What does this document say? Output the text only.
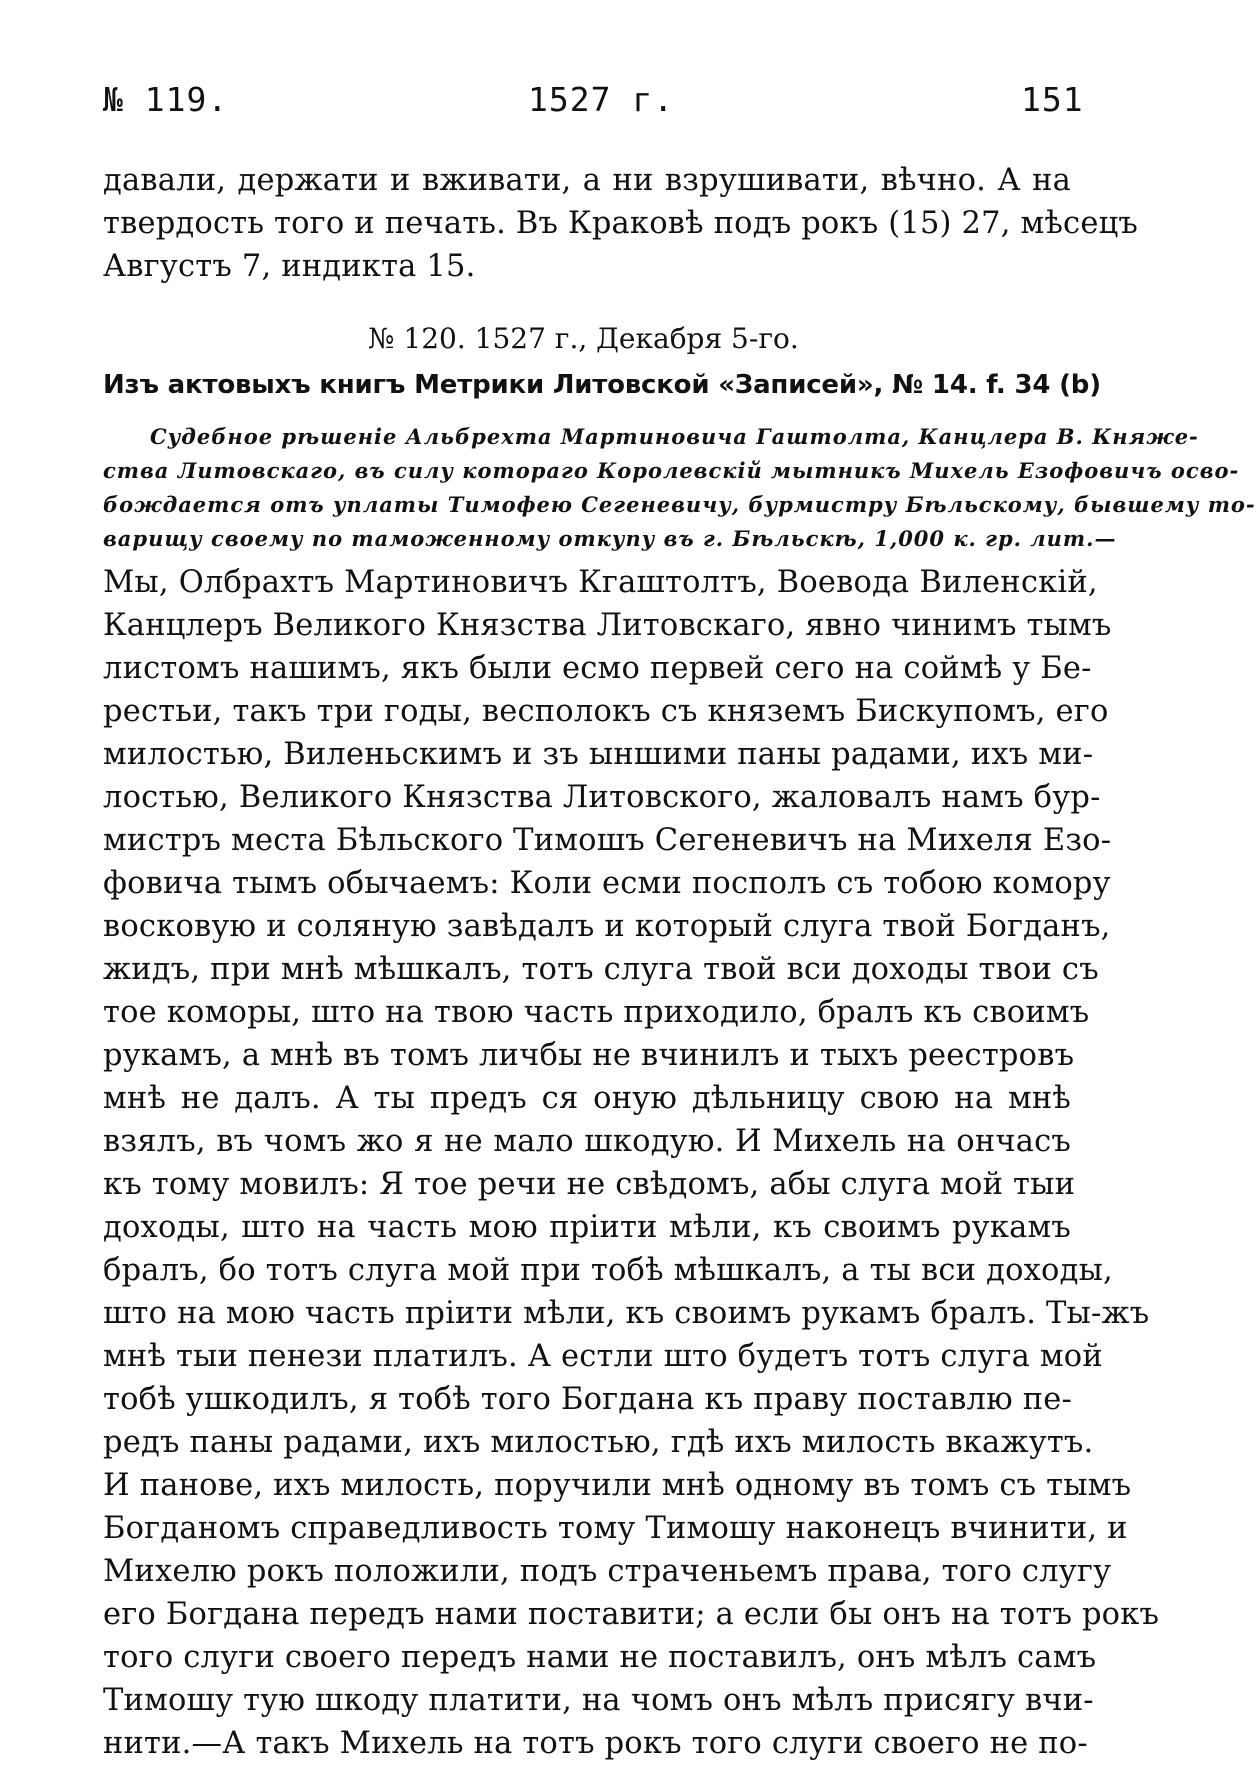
№ 119.	1527 г.	151
давали, держати и вживати, а ни взрушивати, вѣчно. А на
твердость того и печать. Въ Краковѣ подъ рокъ (15) 27, мѣсецъ
Августъ 7, индикта 15.
№ 120. 1527 г., Декабря 5-го.
Изъ актовыхъ книгъ Метрики Литовской «Записей», № 14. f. 34 (b)
Судебное рѣшеніе Альбрехта Мартиновича Гаштолта, Канцлера В. Княже-
ства Литовскаго, въ силу котораго Королевскій мытникъ Михель Езофовичъ осво-
бождается отъ уплаты Тимофею Сегеневичу, бурмистру Бѣльскому, бывшему то-
варищу своему по таможенному откупу въ г. Бѣльскѣ, 1,000 к. гр. лит.—
Мы, Олбрахтъ Мартиновичъ Кгаштолтъ, Воевода Виленскій,
Канцлеръ Великого Князства Литовскаго, явно чинимъ тымъ
листомъ нашимъ, якъ были есмо первей сего на соймѣ у Бе-
рестьи, такъ три годы, весполокъ съ княземъ Бискупомъ, его
милостью, Виленьскимъ и зъ ыншими паны радами, ихъ ми-
лостью, Великого Князства Литовского, жаловалъ намъ бур-
мистръ места Бѣльского Тимошъ Сегеневичъ на Михеля Езо-
фовича тымъ обычаемъ: Коли есми посполъ съ тобою комору
восковую и соляную завѣдалъ и который слуга твой Богданъ,
жидъ, при мнѣ мѣшкалъ, тотъ слуга твой вси доходы твои съ
тое коморы, што на твою часть приходило, бралъ къ своимъ
рукамъ, а мнѣ въ томъ личбы не вчинилъ и тыхъ реестровъ
мнѣ не далъ. А ты предъ ся оную дѣльницу свою на мнѣ
взялъ, въ чомъ жо я не мало шкодую. И Михель на ончасъ
къ тому мовилъ: Я тое речи не свѣдомъ, абы слуга мой тыи
доходы, што на часть мою пріити мѣли, къ своимъ рукамъ
бралъ, бо тотъ слуга мой при тобѣ мѣшкалъ, а ты вси доходы,
што на мою часть пріити мѣли, къ своимъ рукамъ бралъ. Ты-жъ
мнѣ тыи пенези платилъ. А естли што будетъ тотъ слуга мой
тобѣ ушкодилъ, я тобѣ того Богдана къ праву поставлю пе-
редъ паны радами, ихъ милостью, гдѣ ихъ милость вкажутъ.
И панове, ихъ милость, поручили мнѣ одному въ томъ съ тымъ
Богданомъ справедливость тому Тимошу наконецъ вчинити, и
Михелю рокъ положили, подъ страченьемъ права, того слугу
его Богдана передъ нами поставити; а если бы онъ на тотъ рокъ
того слуги своего передъ нами не поставилъ, онъ мѣлъ самъ
Тимошу тую шкоду платити, на чомъ онъ мѣлъ присягу вчи-
нити.—А такъ Михель на тотъ рокъ того слуги своего не по-
